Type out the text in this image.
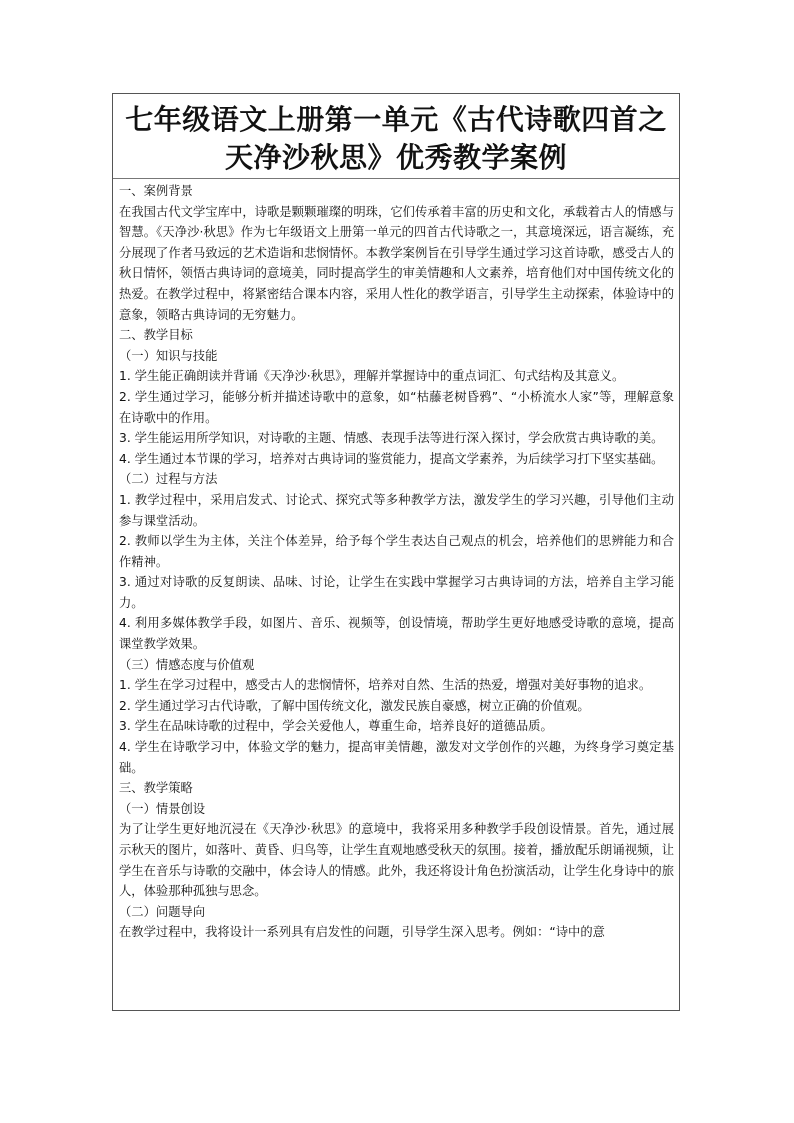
七年级语文上册第一单元《古代诗歌四首之
天净沙秋思》优秀教学案例
一、案例背景
在我国古代文学宝库中，诗歌是颗颗璀璨的明珠，它们传承着丰富的历史和文化，承载着古人的情感与智慧。《天净沙·秋思》作为七年级语文上册第一单元的四首古代诗歌之一，其意境深远，语言凝练，充分展现了作者马致远的艺术造诣和悲悯情怀。本教学案例旨在引导学生通过学习这首诗歌，感受古人的秋日情怀，领悟古典诗词的意境美，同时提高学生的审美情趣和人文素养，培育他们对中国传统文化的热爱。在教学过程中，将紧密结合课本内容，采用人性化的教学语言，引导学生主动探索，体验诗中的意象，领略古典诗词的无穷魅力。
二、教学目标
（一）知识与技能
1. 学生能正确朗读并背诵《天净沙·秋思》，理解并掌握诗中的重点词汇、句式结构及其意义。
2. 学生通过学习，能够分析并描述诗歌中的意象，如“枯藤老树昏鸦”、“小桥流水人家”等，理解意象在诗歌中的作用。
3. 学生能运用所学知识，对诗歌的主题、情感、表现手法等进行深入探讨，学会欣赏古典诗歌的美。
4. 学生通过本节课的学习，培养对古典诗词的鉴赏能力，提高文学素养，为后续学习打下坚实基础。
（二）过程与方法
1. 教学过程中，采用启发式、讨论式、探究式等多种教学方法，激发学生的学习兴趣，引导他们主动参与课堂活动。
2. 教师以学生为主体，关注个体差异，给予每个学生表达自己观点的机会，培养他们的思辨能力和合作精神。
3. 通过对诗歌的反复朗读、品味、讨论，让学生在实践中掌握学习古典诗词的方法，培养自主学习能力。
4. 利用多媒体教学手段，如图片、音乐、视频等，创设情境，帮助学生更好地感受诗歌的意境，提高课堂教学效果。
（三）情感态度与价值观
1. 学生在学习过程中，感受古人的悲悯情怀，培养对自然、生活的热爱，增强对美好事物的追求。
2. 学生通过学习古代诗歌，了解中国传统文化，激发民族自豪感，树立正确的价值观。
3. 学生在品味诗歌的过程中，学会关爱他人，尊重生命，培养良好的道德品质。
4. 学生在诗歌学习中，体验文学的魅力，提高审美情趣，激发对文学创作的兴趣，为终身学习奠定基础。
三、教学策略
（一）情景创设
为了让学生更好地沉浸在《天净沙·秋思》的意境中，我将采用多种教学手段创设情景。首先，通过展示秋天的图片，如落叶、黄昏、归鸟等，让学生直观地感受秋天的氛围。接着，播放配乐朗诵视频，让学生在音乐与诗歌的交融中，体会诗人的情感。此外，我还将设计角色扮演活动，让学生化身诗中的旅人，体验那种孤独与思念。
（二）问题导向
在教学过程中，我将设计一系列具有启发性的问题，引导学生深入思考。例如：“诗中的意
